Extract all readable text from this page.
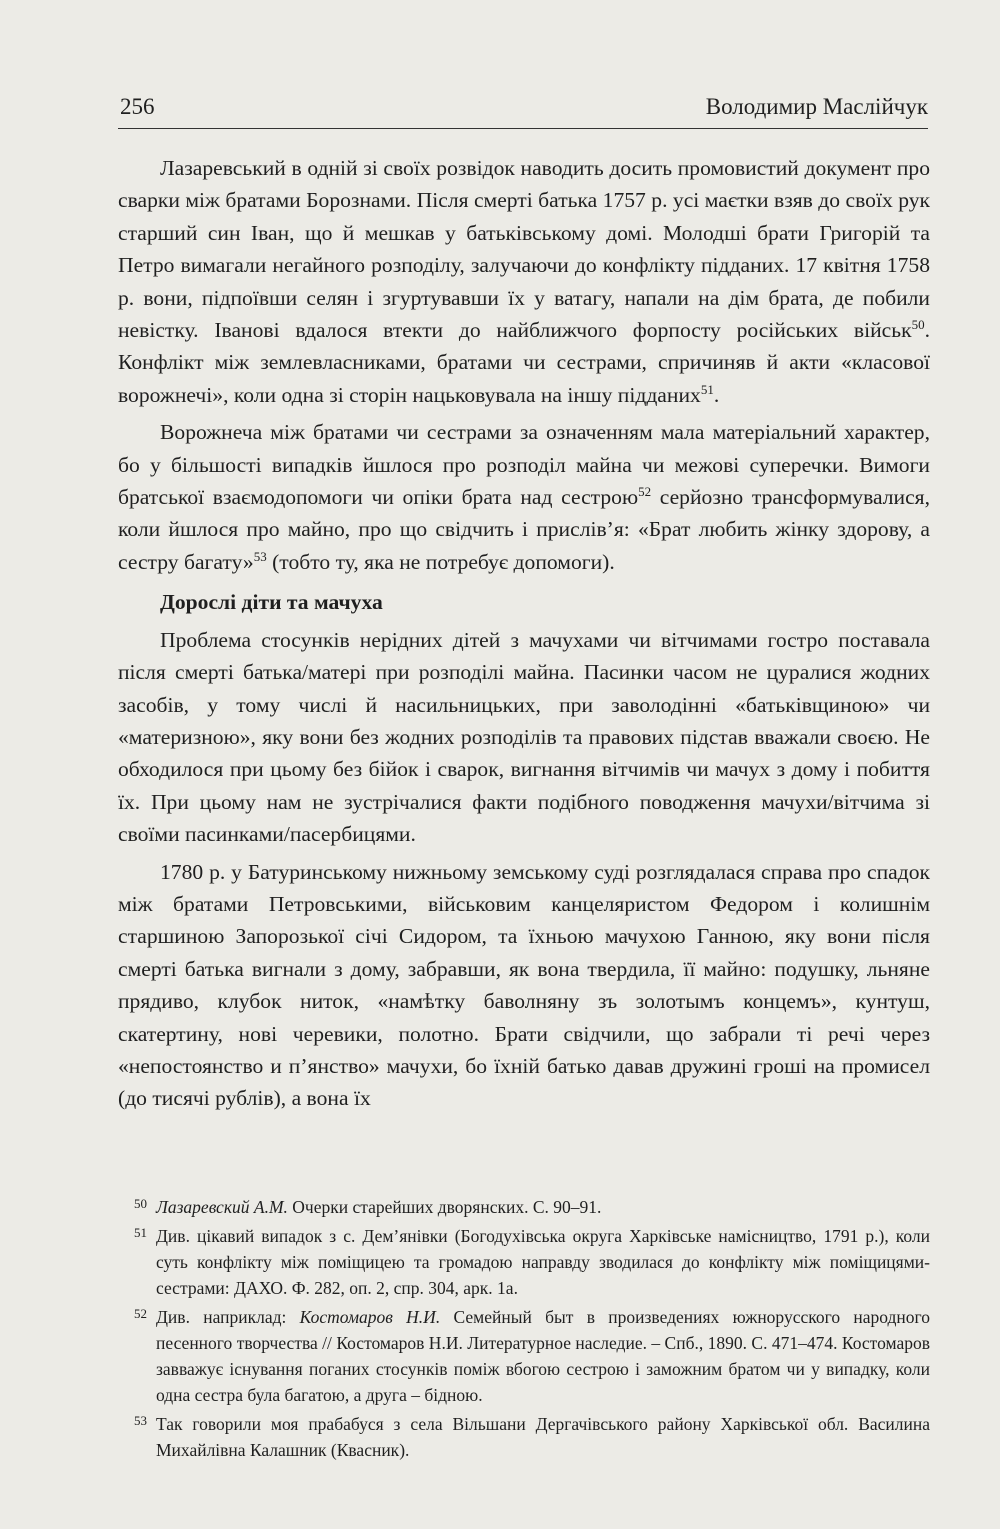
256	Володимир Маслійчук

Лазаревський в одній зі своїх розвідок наводить досить промовистий документ про сварки між братами Борознами. Після смерті батька 1757 р. усі маєтки взяв до своїх рук старший син Іван, що й мешкав у батьківському домі. Молодші брати Григорій та Петро вимагали негайного розподілу, залучаючи до конфлікту підданих. 17 квітня 1758 р. вони, підпоївши селян і згуртувавши їх у ватагу, напали на дім брата, де побили невістку. Іванові вдалося втекти до найближчого форпосту російських військ$^{50}$. Конфлікт між землевласниками, братами чи сестрами, спричиняв й акти «класової ворожнечі», коли одна зі сторін нацьковувала на іншу підданих$^{51}$.

Ворожнеча між братами чи сестрами за означенням мала матеріальний характер, бо у більшості випадків йшлося про розподіл майна чи межові суперечки. Вимоги братської взаємодопомоги чи опіки брата над сестрою$^{52}$ серйозно трансформувалися, коли йшлося про майно, про що свідчить і прислів’я: «Брат любить жінку здорову, а сестру багату»$^{53}$ (тобто ту, яка не потребує допомоги).

Дорослі діти та мачуха

Проблема стосунків нерідних дітей з мачухами чи вітчимами гостро поставала після смерті батька/матері при розподілі майна. Пасинки часом не цуралися жодних засобів, у тому числі й насильницьких, при заволодінні «батьківщиною» чи «материзною», яку вони без жодних розподілів та правових підстав вважали своєю. Не обходилося при цьому без бійок і сварок, вигнання вітчимів чи мачух з дому і побиття їх. При цьому нам не зустрічалися факти подібного поводження мачухи/вітчима зі своїми пасинками/пасербицями.

1780 р. у Батуринському нижньому земському суді розглядалася справа про спадок між братами Петровськими, військовим канцеляристом Федором і колишнім старшиною Запорозької січі Сидором, та їхньою мачухою Ганною, яку вони після смерті батька вигнали з дому, забравши, як вона твердила, її майно: подушку, льняне прядиво, клубок ниток, «намѣтку баволняну зъ золотымъ концемъ», кунтуш, скатертину, нові черевики, полотно. Брати свідчили, що забрали ті речі через «непостоянство и п’янство» мачухи, бо їхній батько давав дружині гроші на промисел (до тисячі рублів), а вона їх

50 Лазаревский А.М. Очерки старейших дворянских. С. 90–91.
51 Див. цікавий випадок з с. Дем’янівки (Богодухівська округа Харківське намісництво, 1791 р.), коли суть конфлікту між поміщицею та громадою направду зводилася до конфлікту між поміщицями-сестрами: ДАХО. Ф. 282, оп. 2, спр. 304, арк. 1а.
52 Див. наприклад: Костомаров Н.И. Семейный быт в произведениях южнорусского народного песенного творчества // Костомаров Н.И. Литературное наследие. – Спб., 1890. С. 471–474. Костомаров завважує існування поганих стосунків поміж вбогою сестрою і заможним братом чи у випадку, коли одна сестра була багатою, а друга – бідною.
53 Так говорили моя прабабуся з села Вільшани Дергачівського району Харківської обл. Василина Михайлівна Калашник (Квасник).
